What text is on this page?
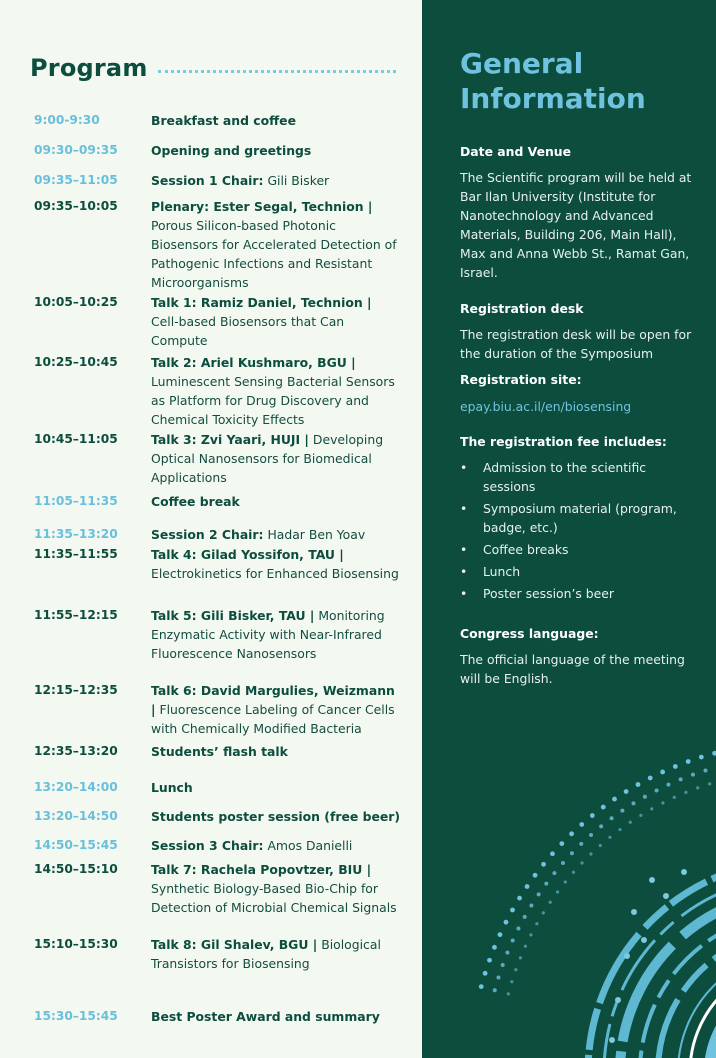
Program
9:00-9:30	Breakfast and coffee
09:30–09:35	Opening and greetings
09:35–11:05	Session 1 Chair: Gili Bisker
09:35–10:05	Plenary: Ester Segal, Technion | Porous Silicon-based Photonic Biosensors for Accelerated Detection of Pathogenic Infections and Resistant Microorganisms
10:05–10:25	Talk 1: Ramiz Daniel, Technion | Cell-based Biosensors that Can Compute
10:25–10:45	Talk 2: Ariel Kushmaro, BGU | Luminescent Sensing Bacterial Sensors as Platform for Drug Discovery and Chemical Toxicity Effects
10:45–11:05	Talk 3: Zvi Yaari, HUJI | Developing Optical Nanosensors for Biomedical Applications
11:05–11:35	Coffee break
11:35–13:20	Session 2 Chair: Hadar Ben Yoav
11:35–11:55	Talk 4: Gilad Yossifon, TAU | Electrokinetics for Enhanced Biosensing
11:55–12:15	Talk 5: Gili Bisker, TAU | Monitoring Enzymatic Activity with Near-Infrared Fluorescence Nanosensors
12:15–12:35	Talk 6: David Margulies, Weizmann | Fluorescence Labeling of Cancer Cells with Chemically Modified Bacteria
12:35–13:20	Students’ flash talk
13:20–14:00	Lunch
13:20–14:50	Students poster session (free beer)
14:50–15:45	Session 3 Chair: Amos Danielli
14:50–15:10	Talk 7: Rachela Popovtzer, BIU | Synthetic Biology-Based Bio-Chip for Detection of Microbial Chemical Signals
15:10–15:30	Talk 8: Gil Shalev, BGU | Biological Transistors for Biosensing
15:30–15:45	Best Poster Award and summary
General
Information
Date and Venue
The Scientific program will be held at Bar Ilan University (Institute for Nanotechnology and Advanced Materials, Building 206, Main Hall), Max and Anna Webb St., Ramat Gan, Israel.
Registration desk
The registration desk will be open for the duration of the Symposium
Registration site:
epay.biu.ac.il/en/biosensing
The registration fee includes:
• Admission to the scientific sessions
• Symposium material (program, badge, etc.)
• Coffee breaks
• Lunch
• Poster session’s beer
Congress language:
The official language of the meeting will be English.
